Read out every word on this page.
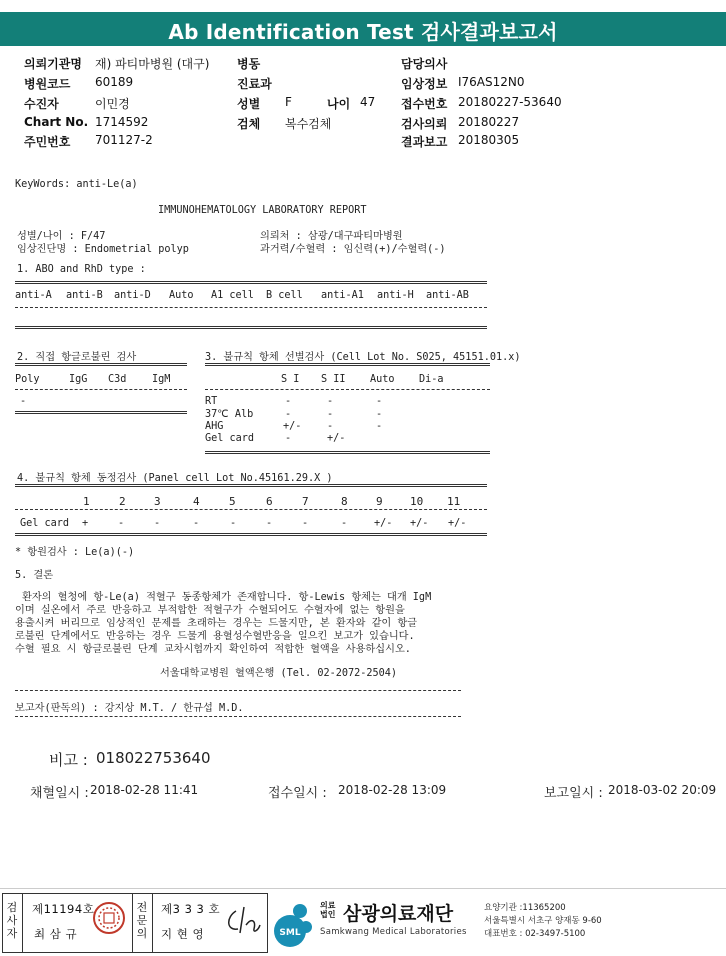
Ab Identification Test 검사결과보고서
의뢰기관명 재) 파티마병원 (대구)
병원코드 60189
수진자	이민경
Chart No. 1714592
주민번호 701127-2
병동
진료과
성별 F	나이 47
검체 복수검체
담당의사
임상정보 I76AS12N0
접수번호 20180227-53640
검사의뢰 20180227
결과보고 20180305
KeyWords: anti-Le(a)
IMMUNOHEMATOLOGY LABORATORY REPORT
성별/나이 : F/47
임상진단명 : Endometrial polyp
의뢰처 : 삼광/대구파티마병원
과거력/수혈력 : 임신력(+)/수혈력(-)
1. ABO and RhD type :
anti-A anti-B anti-D Auto A1 cell B cell anti-A1 anti-H anti-AB
2. 직접 항글로불린 검사
Poly	IgG C3d	IgM
-
3. 불규칙 항체 선별검사 (Cell Lot No. S025, 45151.01.x)
S I S II Auto Di-a
RT	-	-	-
37℃ Alb	-	-	-
AHG	+/-	-	-
Gel card	-	+/-
4. 불규칙 항체 동정검사 (Panel cell Lot No.45161.29.X )
1	2	3	4	5	6	7	8	9 10 11
Gel card +	-	-	-	-	-	-	-	+/- +/- +/-
* 항원검사 : Le(a)(-)
5. 결론
환자의 혈청에 항-Le(a) 적혈구 동종항체가 존재합니다. 항-Lewis 항체는 대개 IgM
이며 실온에서 주로 반응하고 부적합한 적혈구가 수혈되어도 수혈자에 없는 항원을
용출시켜 버리므로 임상적인 문제를 초래하는 경우는 드물지만, 본 환자와 같이 항글
로불린 단계에서도 반응하는 경우 드물게 용혈성수혈반응을 일으킨 보고가 있습니다.
수혈 필요 시 항글로불린 단계 교차시험까지 확인하여 적합한 혈액을 사용하십시오.
서울대학교병원 혈액은행 (Tel. 02-2072-2504)
보고자(판독의) : 강지상 M.T. / 한규섭 M.D.
비고 : 018022753640
채혈일시 : 2018-02-28 11:41	접수일시 : 2018-02-28 13:09	보고일시 : 2018-03-02 20:09
검
사
자
제11194호
최 삼 규
전
문
의
제3 3 3 호
지 현 영	SML
의료
법인 삼광의료재단
Samkwang Medical Laboratories
요양기관 :11365200
서울특별시 서초구 양재동 9-60
대표번호 : 02-3497-5100
